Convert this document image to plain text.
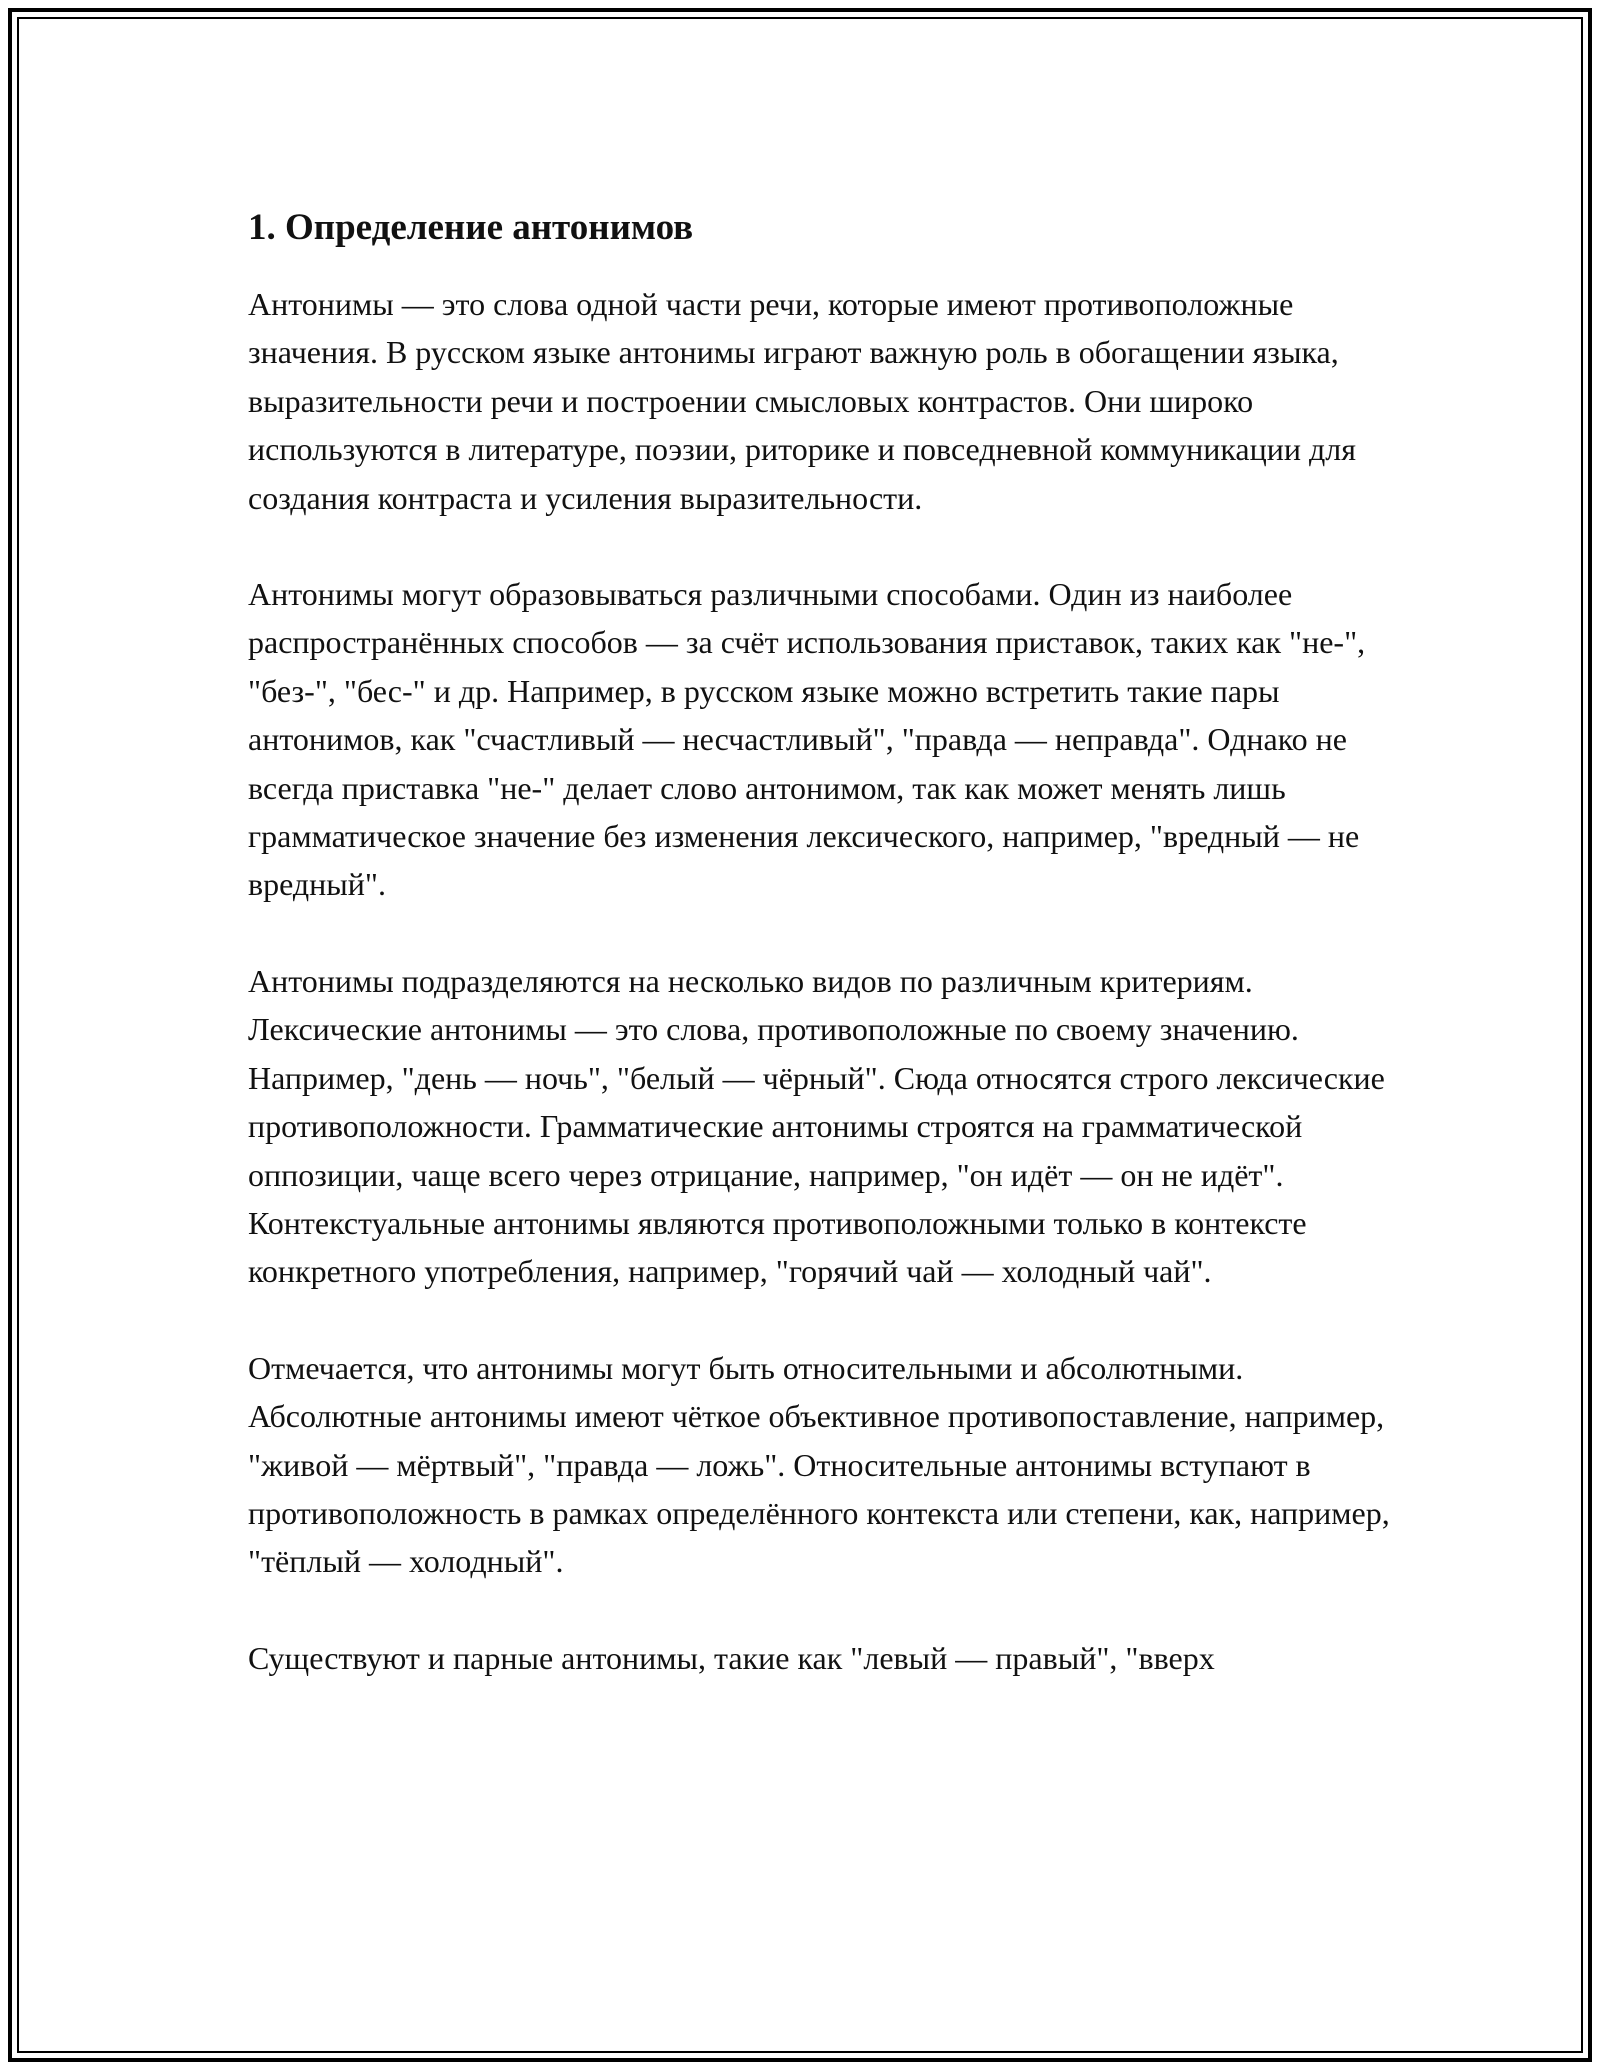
1. Определение антонимов

Антонимы — это слова одной части речи, которые имеют противоположные значения. В русском языке антонимы играют важную роль в обогащении языка, выразительности речи и построении смысловых контрастов. Они широко используются в литературе, поэзии, риторике и повседневной коммуникации для создания контраста и усиления выразительности.

Антонимы могут образовываться различными способами. Один из наиболее распространённых способов — за счёт использования приставок, таких как "не-", "без-", "бес-" и др. Например, в русском языке можно встретить такие пары антонимов, как "счастливый — несчастливый", "правда — неправда". Однако не всегда приставка "не-" делает слово антонимом, так как может менять лишь грамматическое значение без изменения лексического, например, "вредный — не вредный".

Антонимы подразделяются на несколько видов по различным критериям. Лексические антонимы — это слова, противоположные по своему значению. Например, "день — ночь", "белый — чёрный". Сюда относятся строго лексические противоположности. Грамматические антонимы строятся на грамматической оппозиции, чаще всего через отрицание, например, "он идёт — он не идёт". Контекстуальные антонимы являются противоположными только в контексте конкретного употребления, например, "горячий чай — холодный чай".

Отмечается, что антонимы могут быть относительными и абсолютными. Абсолютные антонимы имеют чёткое объективное противопоставление, например, "живой — мёртвый", "правда — ложь". Относительные антонимы вступают в противоположность в рамках определённого контекста или степени, как, например, "тёплый — холодный".

Существуют и парные антонимы, такие как "левый — правый", "вверх
